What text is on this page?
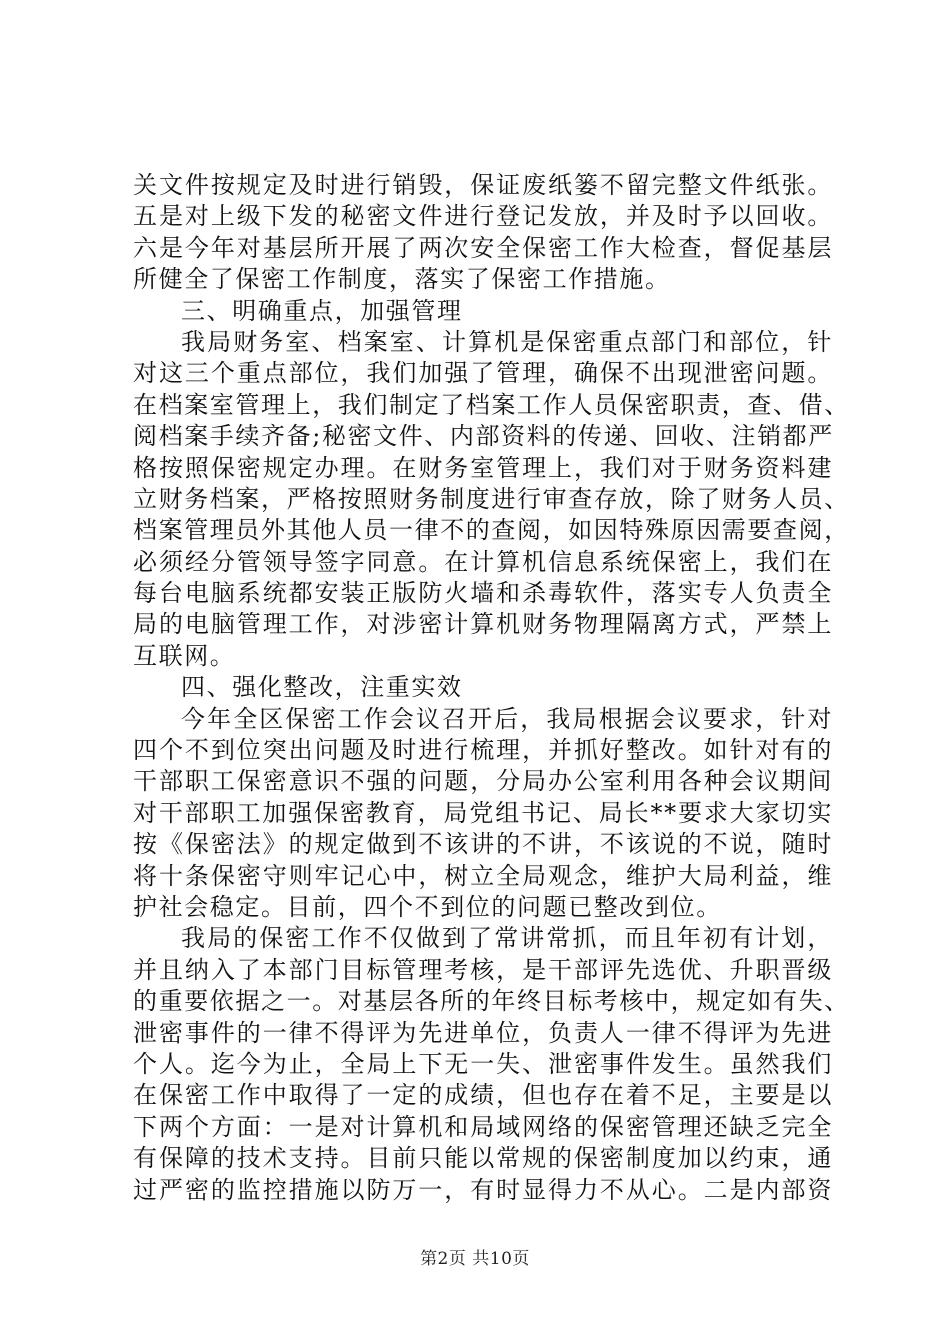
关文件按规定及时进行销毁，保证废纸篓不留完整文件纸张。
五是对上级下发的秘密文件进行登记发放，并及时予以回收。
六是今年对基层所开展了两次安全保密工作大检查，督促基层
所健全了保密工作制度，落实了保密工作措施。
三、明确重点，加强管理
我局财务室、档案室、计算机是保密重点部门和部位，针
对这三个重点部位，我们加强了管理，确保不出现泄密问题。
在档案室管理上，我们制定了档案工作人员保密职责，查、借、
阅档案手续齐备;秘密文件、内部资料的传递、回收、注销都严
格按照保密规定办理。在财务室管理上，我们对于财务资料建
立财务档案，严格按照财务制度进行审查存放，除了财务人员、
档案管理员外其他人员一律不的查阅，如因特殊原因需要查阅，
必须经分管领导签字同意。在计算机信息系统保密上，我们在
每台电脑系统都安装正版防火墙和杀毒软件，落实专人负责全
局的电脑管理工作，对涉密计算机财务物理隔离方式，严禁上
互联网。
四、强化整改，注重实效
今年全区保密工作会议召开后，我局根据会议要求，针对
四个不到位突出问题及时进行梳理，并抓好整改。如针对有的
干部职工保密意识不强的问题，分局办公室利用各种会议期间
对干部职工加强保密教育，局党组书记、局长**要求大家切实
按《保密法》的规定做到不该讲的不讲，不该说的不说，随时
将十条保密守则牢记心中，树立全局观念，维护大局利益，维
护社会稳定。目前，四个不到位的问题已整改到位。
我局的保密工作不仅做到了常讲常抓，而且年初有计划，
并且纳入了本部门目标管理考核，是干部评先选优、升职晋级
的重要依据之一。对基层各所的年终目标考核中，规定如有失、
泄密事件的一律不得评为先进单位，负责人一律不得评为先进
个人。迄今为止，全局上下无一失、泄密事件发生。虽然我们
在保密工作中取得了一定的成绩，但也存在着不足，主要是以
下两个方面：一是对计算机和局域网络的保密管理还缺乏完全
有保障的技术支持。目前只能以常规的保密制度加以约束，通
过严密的监控措施以防万一，有时显得力不从心。二是内部资
第2页 共10页
